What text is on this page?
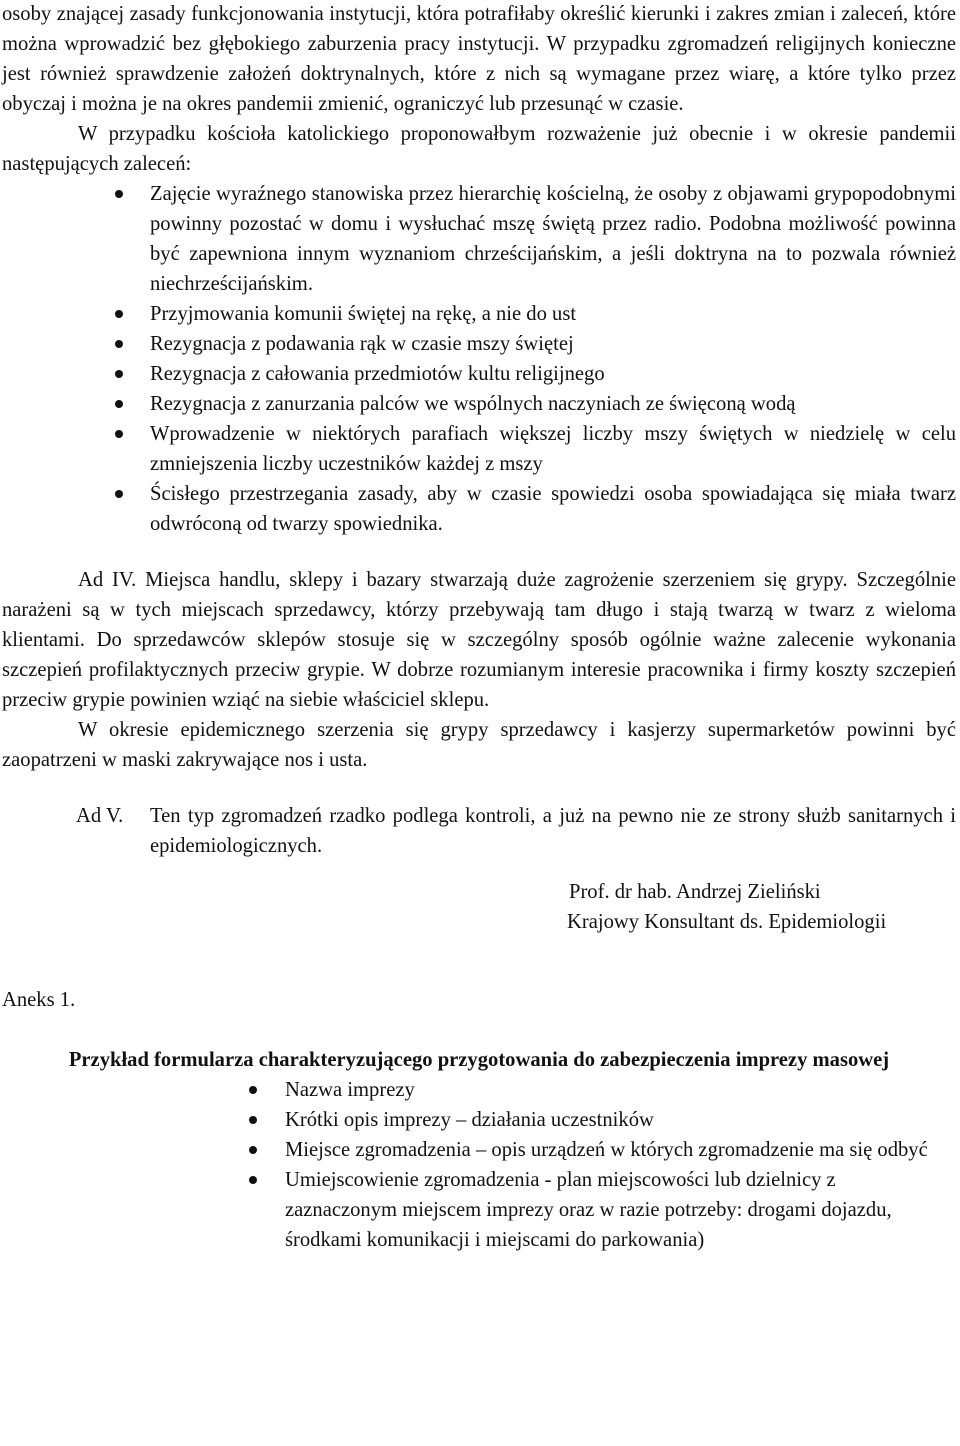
osoby znającej zasady funkcjonowania instytucji, która potrafiłaby określić kierunki i zakres zmian i zaleceń, które można wprowadzić bez głębokiego zaburzenia pracy instytucji. W przypadku zgromadzeń religijnych konieczne jest również sprawdzenie założeń doktrynalnych, które z nich są wymagane przez wiarę, a które tylko przez obyczaj i można je na okres pandemii zmienić, ograniczyć lub przesunąć w czasie.

W przypadku kościoła katolickiego proponowałbym rozważenie już obecnie i w okresie pandemii następujących zaleceń:

Zajęcie wyraźnego stanowiska przez hierarchię kościelną, że osoby z objawami grypopodobnymi powinny pozostać w domu i wysłuchać mszę świętą przez radio. Podobna możliwość powinna być zapewniona innym wyznaniom chrześcijańskim, a jeśli doktryna na to pozwala również niechrześcijańskim.
Przyjmowania komunii świętej na rękę, a nie do ust
Rezygnacja z podawania rąk w czasie mszy świętej
Rezygnacja z całowania przedmiotów kultu religijnego
Rezygnacja z zanurzania palców we wspólnych naczyniach ze święconą wodą
Wprowadzenie w niektórych parafiach większej liczby mszy świętych w niedzielę w celu zmniejszenia liczby uczestników każdej z mszy
Ścisłego przestrzegania zasady, aby w czasie spowiedzi osoba spowiadająca się miała twarz odwróconą od twarzy spowiednika.

Ad IV. Miejsca handlu, sklepy i bazary stwarzają duże zagrożenie szerzeniem się grypy. Szczególnie narażeni są w tych miejscach sprzedawcy, którzy przebywają tam długo i stają twarzą w twarz z wieloma klientami. Do sprzedawców sklepów stosuje się w szczególny sposób ogólnie ważne zalecenie wykonania szczepień profilaktycznych przeciw grypie. W dobrze rozumianym interesie pracownika i firmy koszty szczepień przeciw grypie powinien wziąć na siebie właściciel sklepu.

W okresie epidemicznego szerzenia się grypy sprzedawcy i kasjerzy supermarketów powinni być zaopatrzeni w maski zakrywające nos i usta.

Ad V.	Ten typ zgromadzeń rzadko podlega kontroli, a już na pewno nie ze strony służb sanitarnych i epidemiologicznych.
Prof. dr hab. Andrzej Zieliński
Krajowy Konsultant ds. Epidemiologii
Aneks 1.
Przykład formularza charakteryzującego przygotowania do zabezpieczenia imprezy masowej
Nazwa imprezy
Krótki opis imprezy – działania uczestników
Miejsce zgromadzenia – opis urządzeń w których zgromadzenie ma się odbyć
Umiejscowienie zgromadzenia - plan miejscowości lub dzielnicy z zaznaczonym miejscem imprezy oraz w razie potrzeby: drogami dojazdu, środkami komunikacji i miejscami do parkowania)
